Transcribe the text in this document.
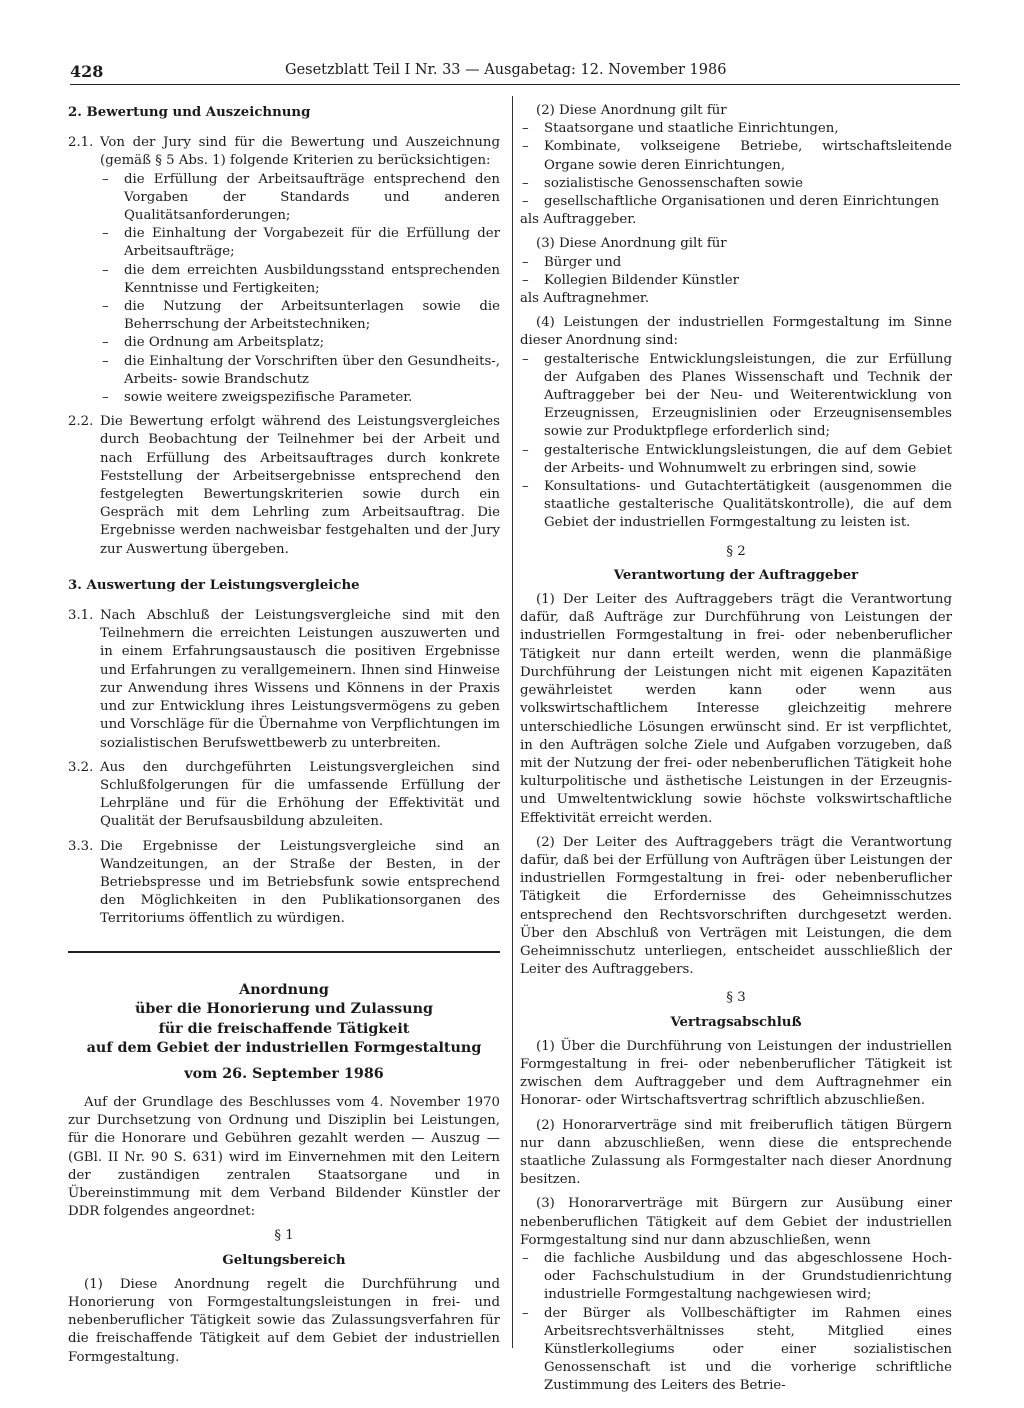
428	Gesetzblatt Teil I Nr. 33 — Ausgabetag: 12. November 1986

2. Bewertung und Auszeichnung

2.1. Von der Jury sind für die Bewertung und Auszeichnung (gemäß § 5 Abs. 1) folgende Kriterien zu berücksichtigen:

– die Erfüllung der Arbeitsaufträge entsprechend den Vorgaben der Standards und anderen Qualitätsanforderungen;
– die Einhaltung der Vorgabezeit für die Erfüllung der Arbeitsaufträge;
– die dem erreichten Ausbildungsstand entsprechenden Kenntnisse und Fertigkeiten;
– die Nutzung der Arbeitsunterlagen sowie die Beherrschung der Arbeitstechniken;
– die Ordnung am Arbeitsplatz;
– die Einhaltung der Vorschriften über den Gesundheits-, Arbeits- sowie Brandschutz
– sowie weitere zweigspezifische Parameter.
2.2. Die Bewertung erfolgt während des Leistungsvergleiches durch Beobachtung der Teilnehmer bei der Arbeit und nach Erfüllung des Arbeitsauftrages durch konkrete Feststellung der Arbeitsergebnisse entsprechend den festgelegten Bewertungskriterien sowie durch ein Gespräch mit dem Lehrling zum Arbeitsauftrag. Die Ergebnisse werden nachweisbar festgehalten und der Jury zur Auswertung übergeben.

3. Auswertung der Leistungsvergleiche

3.1. Nach Abschluß der Leistungsvergleiche sind mit den Teilnehmern die erreichten Leistungen auszuwerten und in einem Erfahrungsaustausch die positiven Ergebnisse und Erfahrungen zu verallgemeinern. Ihnen sind Hinweise zur Anwendung ihres Wissens und Könnens in der Praxis und zur Entwicklung ihres Leistungsvermögens zu geben und Vorschläge für die Übernahme von Verpflichtungen im sozialistischen Berufswettbewerb zu unterbreiten.

3.2. Aus den durchgeführten Leistungsvergleichen sind Schlußfolgerungen für die umfassende Erfüllung der Lehrpläne und für die Erhöhung der Effektivität und Qualität der Berufsausbildung abzuleiten.

3.3. Die Ergebnisse der Leistungsvergleiche sind an Wandzeitungen, an der Straße der Besten, in der Betriebspresse und im Betriebsfunk sowie entsprechend den Möglichkeiten in den Publikationsorganen des Territoriums öffentlich zu würdigen.

Anordnung

über die Honorierung und Zulassung

für die freischaffende Tätigkeit

auf dem Gebiet der industriellen Formgestaltung

vom 26. September 1986

Auf der Grundlage des Beschlusses vom 4. November 1970 zur Durchsetzung von Ordnung und Disziplin bei Leistungen, für die Honorare und Gebühren gezahlt werden — Auszug — (GBl. II Nr. 90 S. 631) wird im Einvernehmen mit den Leitern der zuständigen zentralen Staatsorgane und in Übereinstimmung mit dem Verband Bildender Künstler der DDR folgendes angeordnet:

§ 1

Geltungsbereich

(1) Diese Anordnung regelt die Durchführung und Honorierung von Formgestaltungsleistungen in frei- und nebenberuflicher Tätigkeit sowie das Zulassungsverfahren für die freischaffende Tätigkeit auf dem Gebiet der industriellen Formgestaltung.

(2) Diese Anordnung gilt für

– Staatsorgane und staatliche Einrichtungen,
– Kombinate, volkseigene Betriebe, wirtschaftsleitende Organe sowie deren Einrichtungen,
– sozialistische Genossenschaften sowie
– gesellschaftliche Organisationen und deren Einrichtungen

als Auftraggeber.

(3) Diese Anordnung gilt für

– Bürger und
– Kollegien Bildender Künstler

als Auftragnehmer.

(4) Leistungen der industriellen Formgestaltung im Sinne dieser Anordnung sind:

– gestalterische Entwicklungsleistungen, die zur Erfüllung der Aufgaben des Planes Wissenschaft und Technik der Auftraggeber bei der Neu- und Weiterentwicklung von Erzeugnissen, Erzeugnislinien oder Erzeugnisensembles sowie zur Produktpflege erforderlich sind;
– gestalterische Entwicklungsleistungen, die auf dem Gebiet der Arbeits- und Wohnumwelt zu erbringen sind, sowie
– Konsultations- und Gutachtertätigkeit (ausgenommen die staatliche gestalterische Qualitätskontrolle), die auf dem Gebiet der industriellen Formgestaltung zu leisten ist.

§ 2

Verantwortung der Auftraggeber

(1) Der Leiter des Auftraggebers trägt die Verantwortung dafür, daß Aufträge zur Durchführung von Leistungen der industriellen Formgestaltung in frei- oder nebenberuflicher Tätigkeit nur dann erteilt werden, wenn die planmäßige Durchführung der Leistungen nicht mit eigenen Kapazitäten gewährleistet werden kann oder wenn aus volkswirtschaftlichem Interesse gleichzeitig mehrere unterschiedliche Lösungen erwünscht sind. Er ist verpflichtet, in den Aufträgen solche Ziele und Aufgaben vorzugeben, daß mit der Nutzung der frei- oder nebenberuflichen Tätigkeit hohe kulturpolitische und ästhetische Leistungen in der Erzeugnis- und Umweltentwicklung sowie höchste volkswirtschaftliche Effektivität erreicht werden.

(2) Der Leiter des Auftraggebers trägt die Verantwortung dafür, daß bei der Erfüllung von Aufträgen über Leistungen der industriellen Formgestaltung in frei- oder nebenberuflicher Tätigkeit die Erfordernisse des Geheimnisschutzes entsprechend den Rechtsvorschriften durchgesetzt werden. Über den Abschluß von Verträgen mit Leistungen, die dem Geheimnisschutz unterliegen, entscheidet ausschließlich der Leiter des Auftraggebers.

§ 3

Vertragsabschluß

(1) Über die Durchführung von Leistungen der industriellen Formgestaltung in frei- oder nebenberuflicher Tätigkeit ist zwischen dem Auftraggeber und dem Auftragnehmer ein Honorar- oder Wirtschaftsvertrag schriftlich abzuschließen.

(2) Honorarverträge sind mit freiberuflich tätigen Bürgern nur dann abzuschließen, wenn diese die entsprechende staatliche Zulassung als Formgestalter nach dieser Anordnung besitzen.

(3) Honorarverträge mit Bürgern zur Ausübung einer nebenberuflichen Tätigkeit auf dem Gebiet der industriellen Formgestaltung sind nur dann abzuschließen, wenn

– die fachliche Ausbildung und das abgeschlossene Hoch- oder Fachschulstudium in der Grundstudienrichtung industrielle Formgestaltung nachgewiesen wird;
– der Bürger als Vollbeschäftigter im Rahmen eines Arbeitsrechtsverhältnisses steht, Mitglied eines Künstlerkollegiums oder einer sozialistischen Genossenschaft ist und die vorherige schriftliche Zustimmung des Leiters des Betrie-
